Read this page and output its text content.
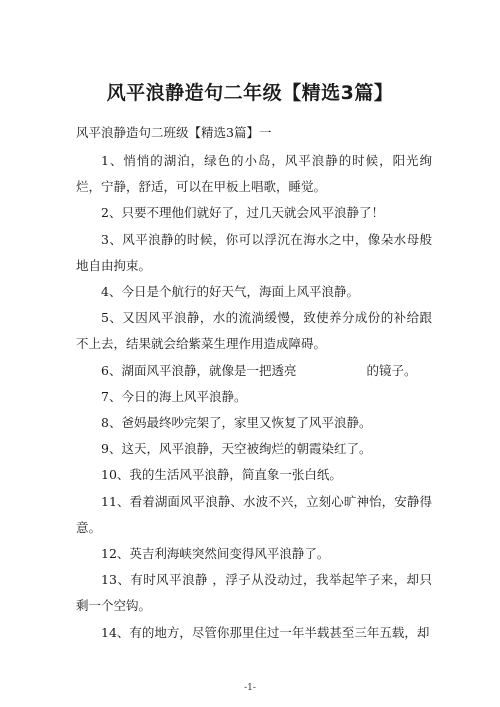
风平浪静造句二年级【精选3篇】
风平浪静造句二班级【精选3篇】一

1、悄悄的湖泊，绿色的小岛，风平浪静的时候，阳光绚烂，宁静，舒适，可以在甲板上唱歌，睡觉。

2、只要不理他们就好了，过几天就会风平浪静了！

3、风平浪静的时候，你可以浮沉在海水之中，像朵水母般地自由拘束。

4、今日是个航行的好天气，海面上风平浪静。

5、又因风平浪静，水的流淌缓慢，致使养分成份的补给跟不上去，结果就会给紫菜生理作用造成障碍。

6、湖面风平浪静，就像是一把透亮	的镜子。

7、今日的海上风平浪静。

8、爸妈最终吵完架了，家里又恢复了风平浪静。

9、这天，风平浪静，天空被绚烂的朝霞染红了。

10、我的生活风平浪静，简直象一张白纸。

11、看着湖面风平浪静、水波不兴，立刻心旷神怡，安静得意。

12、英吉利海峡突然间变得风平浪静了。

13、有时风平浪静 ，浮子从没动过，我举起竿子来，却只剩一个空钩。

14、有的地方，尽管你那里住过一年半载甚至三年五载，却

-1-
